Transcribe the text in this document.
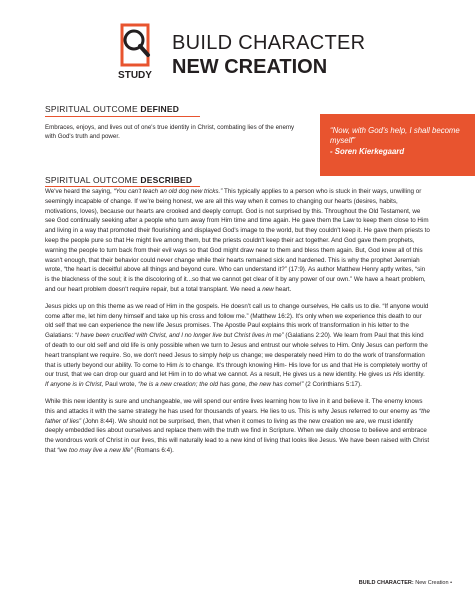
STUDY
BUILD CHARACTER
NEW CREATION
SPIRITUAL OUTCOME DEFINED

Embraces, enjoys, and lives out of one's true identity in Christ, combating lies of the enemy with God's truth and power.

“Now, with God's help, I shall become myself”
- Soren Kierkegaard

SPIRITUAL OUTCOME DESCRIBED

We've heard the saying, “You can't teach an old dog new tricks.” This typically applies to a person who is stuck in their ways, unwilling or seemingly incapable of change. If we're being honest, we are all this way when it comes to changing our hearts (desires, habits, motivations, loves), because our hearts are crooked and deeply corrupt. God is not surprised by this. Throughout the Old Testament, we see God continually seeking after a people who turn away from Him time and time again. He gave them the Law to keep them close to Him and living in a way that promoted their flourishing and displayed God's image to the world, but they couldn't keep it. He gave them priests to keep the people pure so that He might live among them, but the priests couldn't keep their act together. And God gave them prophets, warning the people to turn back from their evil ways so that God might draw near to them and bless them again. But, God knew all of this wasn't enough, that their behavior could never change while their hearts remained sick and hardened. This is why the prophet Jeremiah wrote, “the heart is deceitful above all things and beyond cure. Who can understand it?” (17:9). As author Matthew Henry aptly writes, “sin is the blackness of the soul; it is the discoloring of it...so that we cannot get clear of it by any power of our own.” We have a heart problem, and our heart problem doesn't require repair, but a total transplant. We need a new heart.

Jesus picks up on this theme as we read of Him in the gospels. He doesn't call us to change ourselves, He calls us to die. “If anyone would come after me, let him deny himself and take up his cross and follow me.” (Matthew 16:2). It's only when we experience this death to our old self that we can experience the new life Jesus promises. The Apostle Paul explains this work of transformation in his letter to the Galatians: “I have been crucified with Christ, and I no longer live but Christ lives in me” (Galatians 2:20). We learn from Paul that this kind of death to our old self and old life is only possible when we turn to Jesus and entrust our whole selves to Him. Only Jesus can perform the heart transplant we require. So, we don't need Jesus to simply help us change; we desperately need Him to do the work of transformation that is utterly beyond our ability. To come to Him is to change. It's through knowing Him- His love for us and that He is completely worthy of our trust, that we can drop our guard and let Him in to do what we cannot. As a result, He gives us a new identity. He gives us His identity. If anyone is in Christ, Paul wrote, “he is a new creation; the old has gone, the new has come!” (2 Corinthians 5:17).

While this new identity is sure and unchangeable, we will spend our entire lives learning how to live in it and believe it. The enemy knows this and attacks it with the same strategy he has used for thousands of years. He lies to us. This is why Jesus referred to our enemy as “the father of lies” (John 8:44). We should not be surprised, then, that when it comes to living as the new creation we are, we must identify deeply embedded lies about ourselves and replace them with the truth we find in Scripture. When we daily choose to believe and embrace the wondrous work of Christ in our lives, this will naturally lead to a new kind of living that looks like Jesus. We have been raised with Christ that “we too may live a new life” (Romans 6:4).

BUILD CHARACTER: New Creation •
